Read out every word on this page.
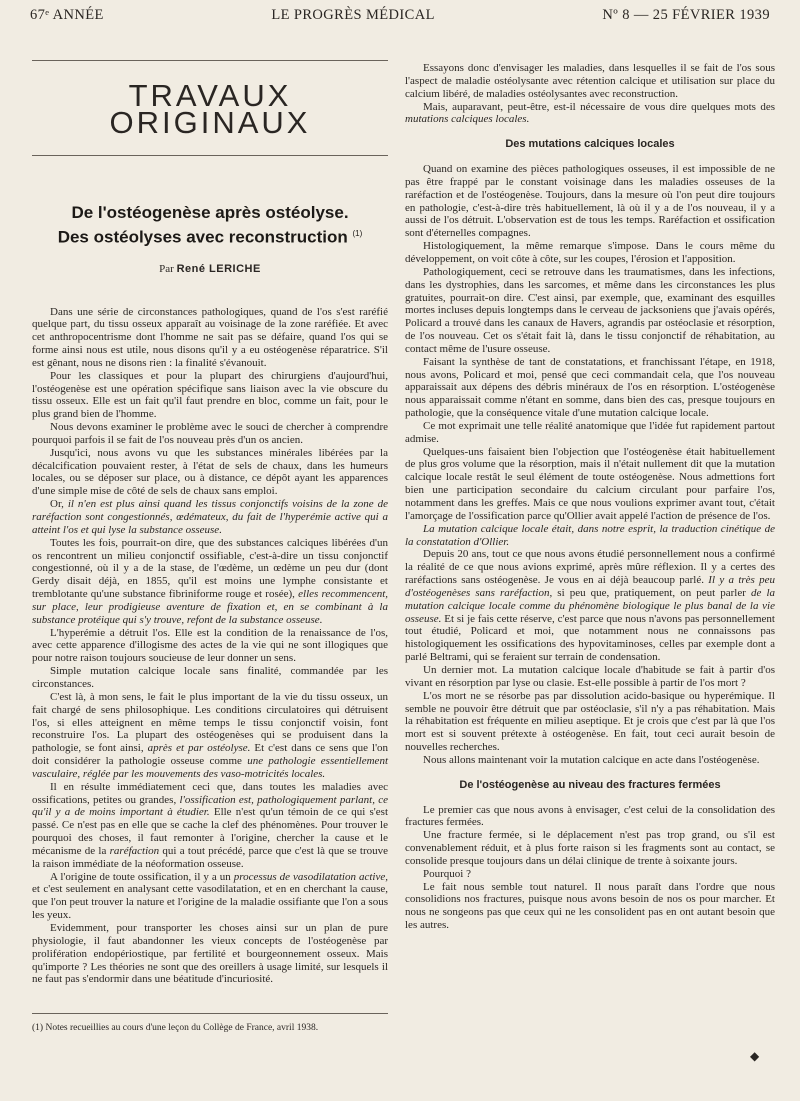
67ᵉ ANNÉE	LE PROGRÈS MÉDICAL	Nº 8 — 25 FÉVRIER 1939
TRAVAUX ORIGINAUX
De l'ostéogenèse après ostéolyse.
Des ostéolyses avec reconstruction $^{(1)}$
Par René LERICHE

Dans une série de circonstances pathologiques, quand de l'os s'est raréfié quelque part, du tissu osseux apparaît au voisinage de la zone raréfiée. Et avec cet anthropocentrisme dont l'homme ne sait pas se défaire, quand l'os qui se forme ainsi nous est utile, nous disons qu'il y a eu ostéogenèse réparatrice. S'il est gênant, nous ne disons rien : la finalité s'évanouit.

Pour les classiques et pour la plupart des chirurgiens d'aujourd'hui, l'ostéogenèse est une opération spécifique sans liaison avec la vie obscure du tissu osseux. Elle est un fait qu'il faut prendre en bloc, comme un fait, pour le plus grand bien de l'homme.

Nous devons examiner le problème avec le souci de chercher à comprendre pourquoi parfois il se fait de l'os nouveau près d'un os ancien.

Jusqu'ici, nous avons vu que les substances minérales libérées par la décalcification pouvaient rester, à l'état de sels de chaux, dans les humeurs locales, ou se déposer sur place, ou à distance, ce dépôt ayant les apparences d'une simple mise de côté de sels de chaux sans emploi.

Or, il n'en est plus ainsi quand les tissus conjonctifs voisins de la zone de raréfaction sont congestionnés, œdémateux, du fait de l'hyperémie active qui a atteint l'os et qui lyse la substance osseuse.

Toutes les fois, pourrait-on dire, que des substances calciques libérées d'un os rencontrent un milieu conjonctif ossifiable, c'est-à-dire un tissu conjonctif congestionné, où il y a de la stase, de l'œdème, un œdème un peu dur (dont Gerdy disait déjà, en 1855, qu'il est moins une lymphe consistante et tremblotante qu'une substance fibriniforme rouge et rosée), elles recommencent, sur place, leur prodigieuse aventure de fixation et, en se combinant à la substance protéique qui s'y trouve, refont de la substance osseuse.

L'hyperémie a détruit l'os. Elle est la condition de la renaissance de l'os, avec cette apparence d'illogisme des actes de la vie qui ne sont illogiques que pour notre raison toujours soucieuse de leur donner un sens.

Simple mutation calcique locale sans finalité, commandée par les circonstances.

C'est là, à mon sens, le fait le plus important de la vie du tissu osseux, un fait chargé de sens philosophique. Les conditions circulatoires qui détruisent l'os, si elles atteignent en même temps le tissu conjonctif voisin, font reconstruire l'os. La plupart des ostéogenèses qui se produisent dans la pathologie, se font ainsi, après et par ostéolyse. Et c'est dans ce sens que l'on doit considérer la pathologie osseuse comme une pathologie essentiellement vasculaire, réglée par les mouvements des vaso-motricités locales.

Il en résulte immédiatement ceci que, dans toutes les maladies avec ossifications, petites ou grandes, l'ossification est, pathologiquement parlant, ce qu'il y a de moins important à étudier. Elle n'est qu'un témoin de ce qui s'est passé. Ce n'est pas en elle que se cache la clef des phénomènes. Pour trouver le pourquoi des choses, il faut remonter à l'origine, chercher la cause et le mécanisme de la raréfaction qui a tout précédé, parce que c'est là que se trouve la raison immédiate de la néoformation osseuse.

A l'origine de toute ossification, il y a un processus de vasodilatation active, et c'est seulement en analysant cette vasodilatation, et en en cherchant la cause, que l'on peut trouver la nature et l'origine de la maladie ossifiante que l'on a sous les yeux.

Evidemment, pour transporter les choses ainsi sur un plan de pure physiologie, il faut abandonner les vieux concepts de l'ostéogenèse par prolifération endopériostique, par fertilité et bourgeonnement osseux. Mais qu'importe ? Les théories ne sont que des oreillers à usage limité, sur lesquels il ne faut pas s'endormir dans une béatitude d'incuriosité.

Essayons donc d'envisager les maladies, dans lesquelles il se fait de l'os sous l'aspect de maladie ostéolysante avec rétention calcique et utilisation sur place du calcium libéré, de maladies ostéolysantes avec reconstruction.

Mais, auparavant, peut-être, est-il nécessaire de vous dire quelques mots des mutations calciques locales.

Des mutations calciques locales

Quand on examine des pièces pathologiques osseuses, il est impossible de ne pas être frappé par le constant voisinage dans les maladies osseuses de la raréfaction et de l'ostéogenèse. Toujours, dans la mesure où l'on peut dire toujours en pathologie, c'est-à-dire très habituellement, là où il y a de l'os nouveau, il y a aussi de l'os détruit. L'observation est de tous les temps. Raréfaction et ossification sont d'éternelles compagnes.

Histologiquement, la même remarque s'impose. Dans le cours même du développement, on voit côte à côte, sur les coupes, l'érosion et l'apposition.

Pathologiquement, ceci se retrouve dans les traumatismes, dans les infections, dans les dystrophies, dans les sarcomes, et même dans les circonstances les plus gratuites, pourrait-on dire. C'est ainsi, par exemple, que, examinant des esquilles mortes incluses depuis longtemps dans le cerveau de jacksoniens que j'avais opérés, Policard a trouvé dans les canaux de Havers, agrandis par ostéoclasie et résorption, de l'os nouveau. Cet os s'était fait là, dans le tissu conjonctif de réhabitation, au contact même de l'usure osseuse.

Faisant la synthèse de tant de constatations, et franchissant l'étape, en 1918, nous avons, Policard et moi, pensé que ceci commandait cela, que l'os nouveau apparaissait aux dépens des débris minéraux de l'os en résorption. L'ostéogenèse nous apparaissait comme n'étant en somme, dans bien des cas, presque toujours en pathologie, que la conséquence vitale d'une mutation calcique locale.

Ce mot exprimait une telle réalité anatomique que l'idée fut rapidement partout admise.

Quelques-uns faisaient bien l'objection que l'ostéogenèse était habituellement de plus gros volume que la résorption, mais il n'était nullement dit que la mutation calcique locale restât le seul élément de toute ostéogenèse. Nous admettions fort bien une participation secondaire du calcium circulant pour parfaire l'os, notamment dans les greffes. Mais ce que nous voulions exprimer avant tout, c'était l'amorçage de l'ossification parce qu'Ollier avait appelé l'action de présence de l'os.

La mutation calcique locale était, dans notre esprit, la traduction cinétique de la constatation d'Ollier.

Depuis 20 ans, tout ce que nous avons étudié personnellement nous a confirmé la réalité de ce que nous avions exprimé, après mûre réflexion. Il y a certes des raréfactions sans ostéogenèse. Je vous en ai déjà beaucoup parlé. Il y a très peu d'ostéogenèses sans raréfaction, si peu que, pratiquement, on peut parler de la mutation calcique locale comme du phénomène biologique le plus banal de la vie osseuse. Et si je fais cette réserve, c'est parce que nous n'avons pas personnellement tout étudié, Policard et moi, que notamment nous ne connaissons pas histologiquement les ossifications des hypovitaminoses, celles par exemple dont a parlé Beltrami, qui se feraient sur terrain de condensation.

Un dernier mot. La mutation calcique locale d'habitude se fait à partir d'os vivant en résorption par lyse ou clasie. Est-elle possible à partir de l'os mort ?

L'os mort ne se résorbe pas par dissolution acido-basique ou hyperémique. Il semble ne pouvoir être détruit que par ostéoclasie, s'il n'y a pas réhabitation. Mais la réhabitation est fréquente en milieu aseptique. Et je crois que c'est par là que l'os mort est si souvent prétexte à ostéogenèse. En fait, tout ceci aurait besoin de nouvelles recherches.

Nous allons maintenant voir la mutation calcique en acte dans l'ostéogenèse.

De l'ostéogenèse au niveau des fractures fermées

Le premier cas que nous avons à envisager, c'est celui de la consolidation des fractures fermées.

Une fracture fermée, si le déplacement n'est pas trop grand, ou s'il est convenablement réduit, et à plus forte raison si les fragments sont au contact, se consolide presque toujours dans un délai clinique de trente à soixante jours.

Pourquoi ?

Le fait nous semble tout naturel. Il nous paraît dans l'ordre que nous consolidions nos fractures, puisque nous avons besoin de nos os pour marcher. Et nous ne songeons pas que ceux qui ne les consolident pas en ont autant besoin que les autres.

(1) Notes recueillies au cours d'une leçon du Collège de France, avril 1938.
◆
